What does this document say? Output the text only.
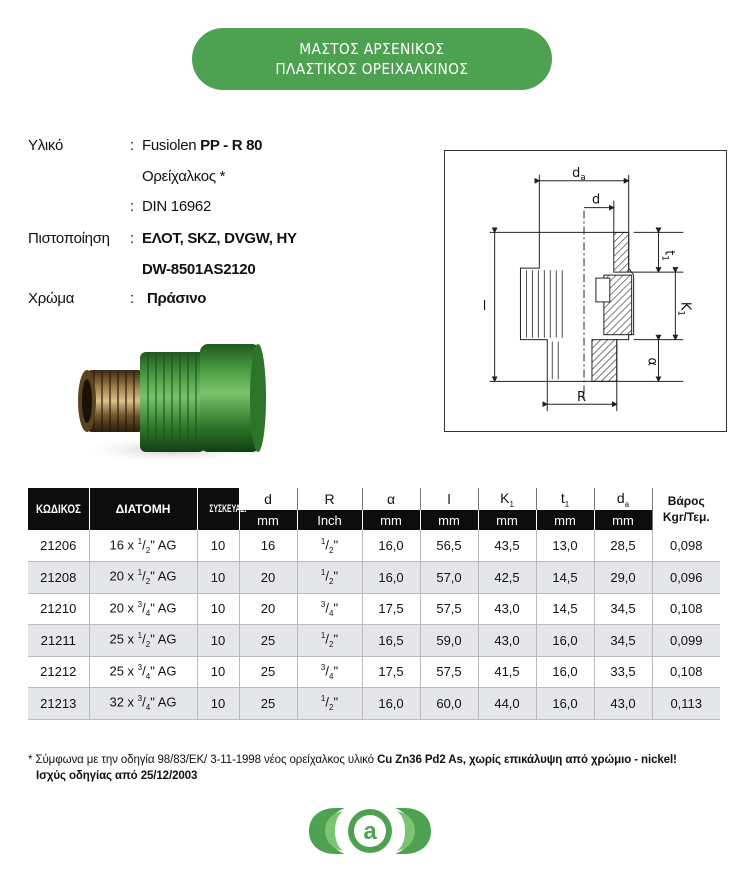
ΜΑΣΤΟΣ ΑΡΣΕΝΙΚΟΣ
ΠΛΑΣΤΙΚΟΣ ΟΡΕΙΧΑΛΚΙΝΟΣ
Υλικό	: Fusiolen PP - R 80
Ορείχαλκος *
: DIN 16962
Πιστοποίηση : ΕΛΟΤ, SKZ, DVGW, HY
DW-8501AS2120
Χρώμα	: Πράσινο
$d_a$
d
l
R
$t_1$
$K_1$
α
ΚΩΔΙΚΟΣ	ΔΙΑΤΟΜΗ	ΣΥΣΚΕΥΑΣ.	d	R	α	l	$K_1$	$t_1$	$d_a$	Βάρος
Kgr/Τεμ.

			mm	Inch	mm	mm	mm	mm	mm	
21206	16 x $^1/_2$" AG	10	16	$^1/_2$"	16,0	56,5	43,5	13,0	28,5	0,098
21208	20 x $^1/_2$" AG	10	20	$^1/_2$"	16,0	57,0	42,5	14,5	29,0	0,096
21210	20 x $^3/_4$" AG	10	20	$^3/_4$"	17,5	57,5	43,0	14,5	34,5	0,108
21211	25 x $^1/_2$" AG	10	25	$^1/_2$"	16,5	59,0	43,0	16,0	34,5	0,099
21212	25 x $^3/_4$" AG	10	25	$^3/_4$"	17,5	57,5	41,5	16,0	33,5	0,108
21213	32 x $^3/_4$" AG	10	25	$^1/_2$"	16,0	60,0	44,0	16,0	43,0	0,113
* Σύμφωνα με την οδηγία 98/83/ΕΚ/ 3-11-1998 νέος ορείχαλκος υλικό Cu Zn36 Pd2 As, χωρίς επικάλυψη από χρώμιο - nickel!
Ισχύς οδηγίας από 25/12/2003
a
